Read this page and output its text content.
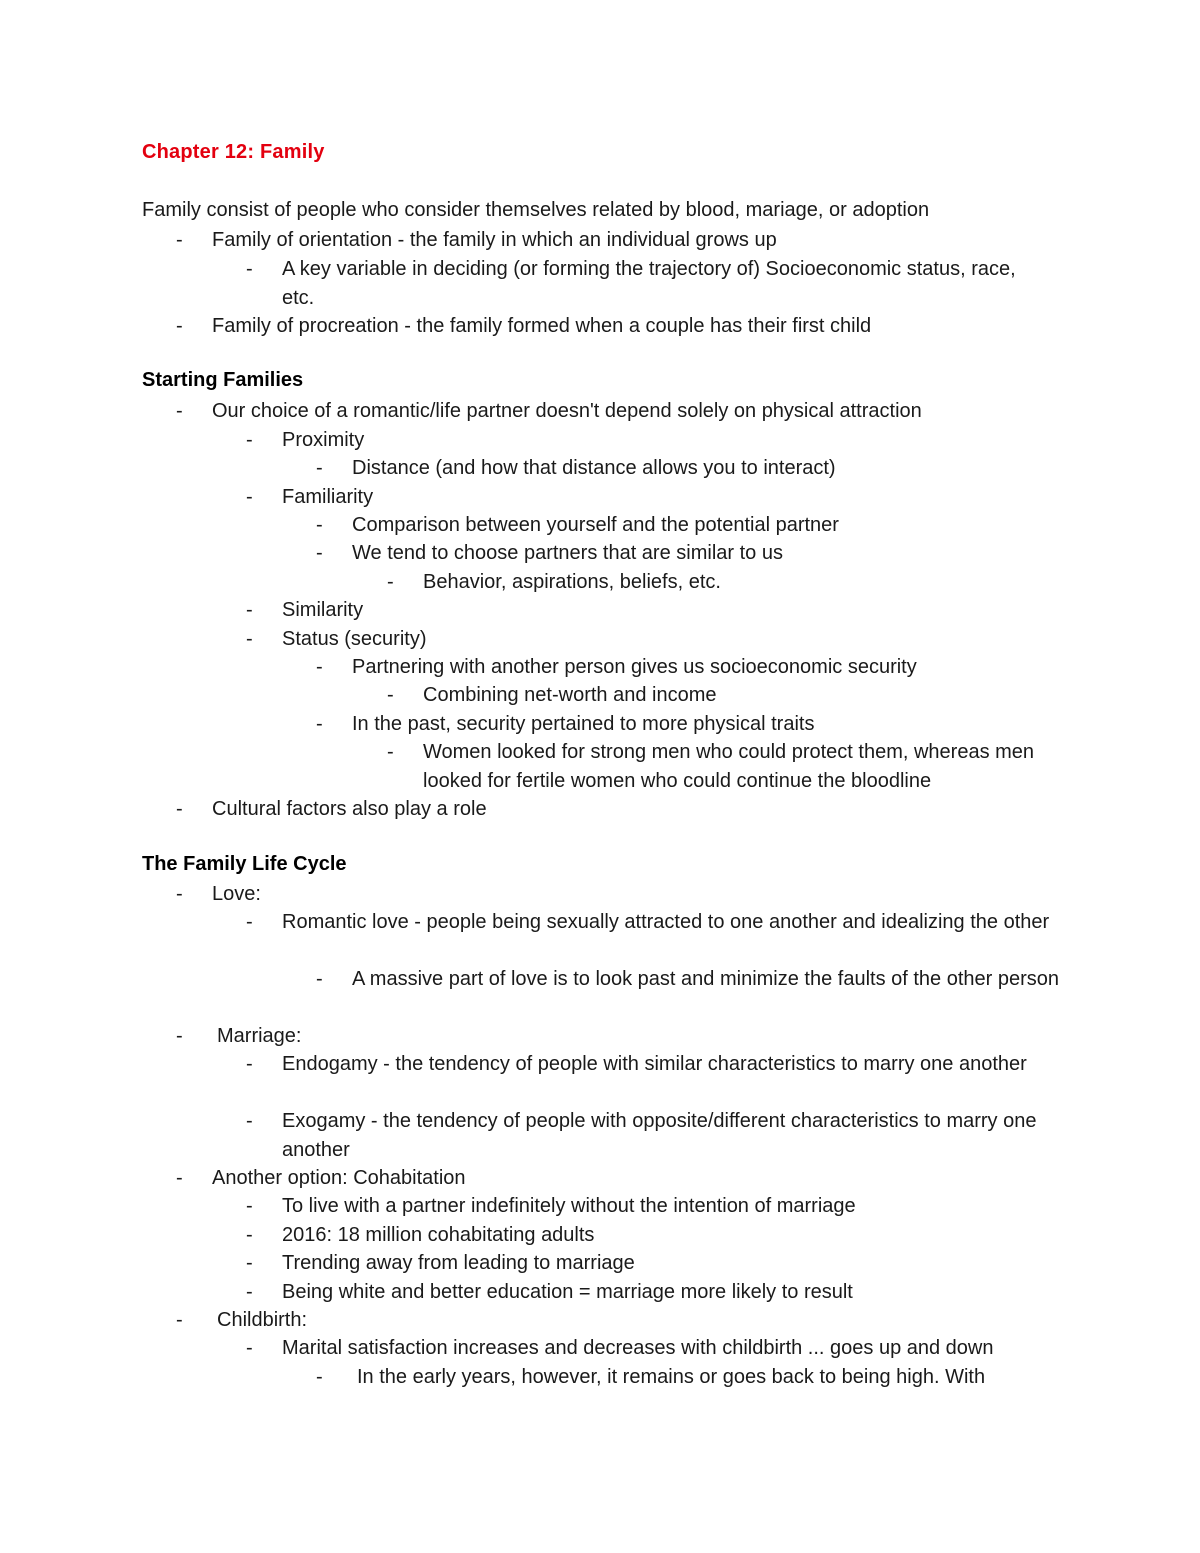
Chapter 12: Family

Family consist of people who consider themselves related by blood, mariage, or adoption

- Family of orientation - the family in which an individual grows up
- A key variable in deciding (or forming the trajectory of) Socioeconomic status, race, etc.
- Family of procreation - the family formed when a couple has their first child
Starting Families
- Our choice of a romantic/life partner doesn't depend solely on physical attraction
- Proximity
- Distance (and how that distance allows you to interact)
- Familiarity
- Comparison between yourself and the potential partner
- We tend to choose partners that are similar to us
- Behavior, aspirations, beliefs, etc.
- Similarity
- Status (security)
- Partnering with another person gives us socioeconomic security
- Combining net-worth and income
- In the past, security pertained to more physical traits
- Women looked for strong men who could protect them, whereas men looked for fertile women who could continue the bloodline
- Cultural factors also play a role
The Family Life Cycle
- Love:
- Romantic love - people being sexually attracted to one another and idealizing the other
- A massive part of love is to look past and minimize the faults of the other person
- Marriage:
- Endogamy - the tendency of people with similar characteristics to marry one another
- Exogamy - the tendency of people with opposite/different characteristics to marry one another
- Another option: Cohabitation
- To live with a partner indefinitely without the intention of marriage
- 2016: 18 million cohabitating adults
- Trending away from leading to marriage
- Being white and better education = marriage more likely to result
- Childbirth:
- Marital satisfaction increases and decreases with childbirth ... goes up and down
- In the early years, however, it remains or goes back to being high. With
